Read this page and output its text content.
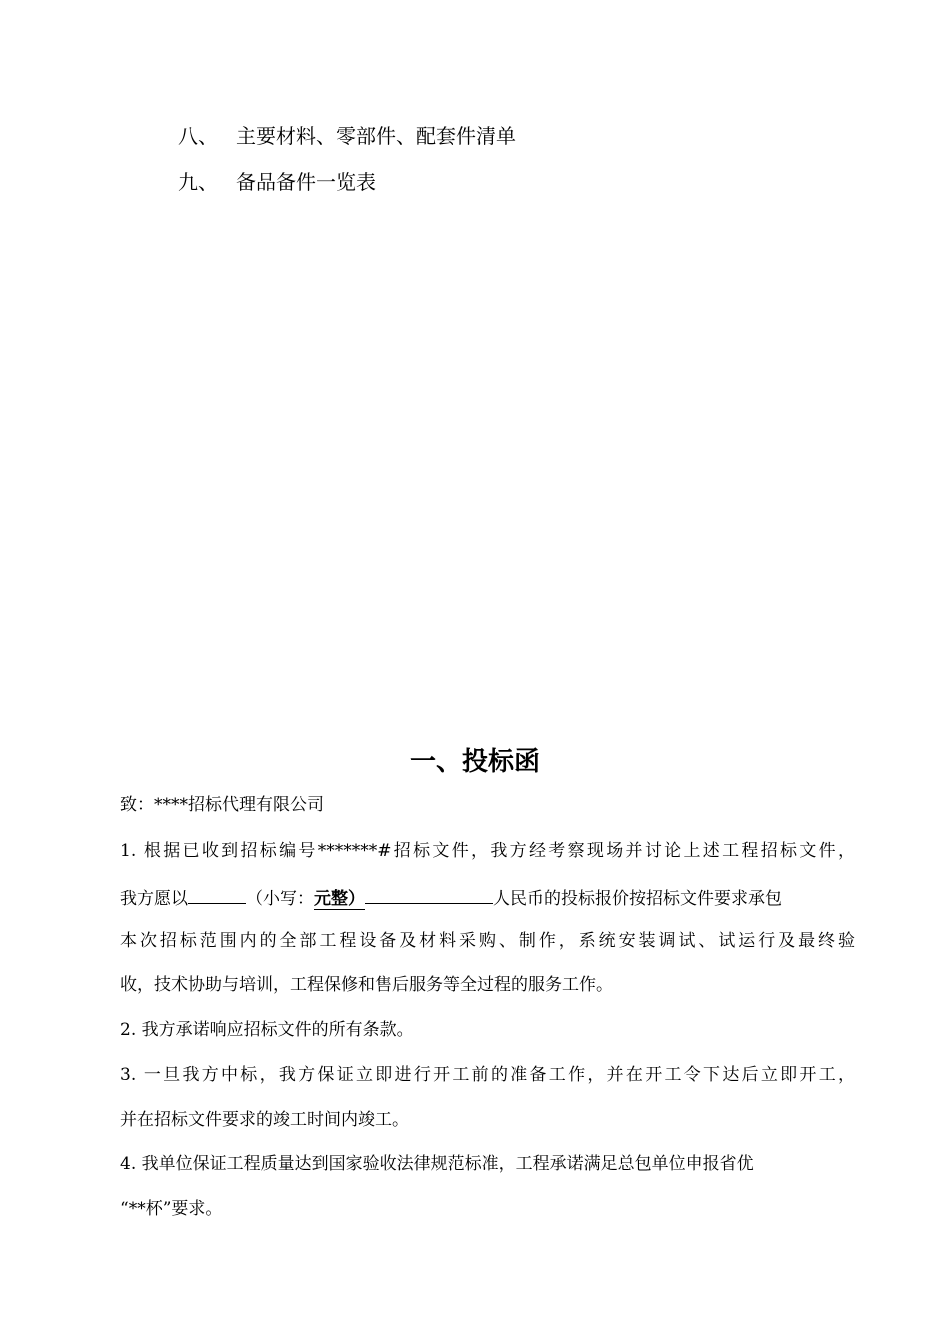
八、 主要材料、零部件、配套件清单
九、 备品备件一览表
一、投标函
致：****招标代理有限公司
1. 根据已收到招标编号*******#招标文件，我方经考察现场并讨论上述工程招标文件，
我方愿以	（小写：元整）	人民币的投标报价按招标文件要求承包
本次招标范围内的全部工程设备及材料采购、制作，系统安装调试、试运行及最终验
收，技术协助与培训，工程保修和售后服务等全过程的服务工作。
2. 我方承诺响应招标文件的所有条款。
3. 一旦我方中标，我方保证立即进行开工前的准备工作，并在开工令下达后立即开工，
并在招标文件要求的竣工时间内竣工。
4. 我单位保证工程质量达到国家验收法律规范标准，工程承诺满足总包单位申报省优
“**杯”要求。
